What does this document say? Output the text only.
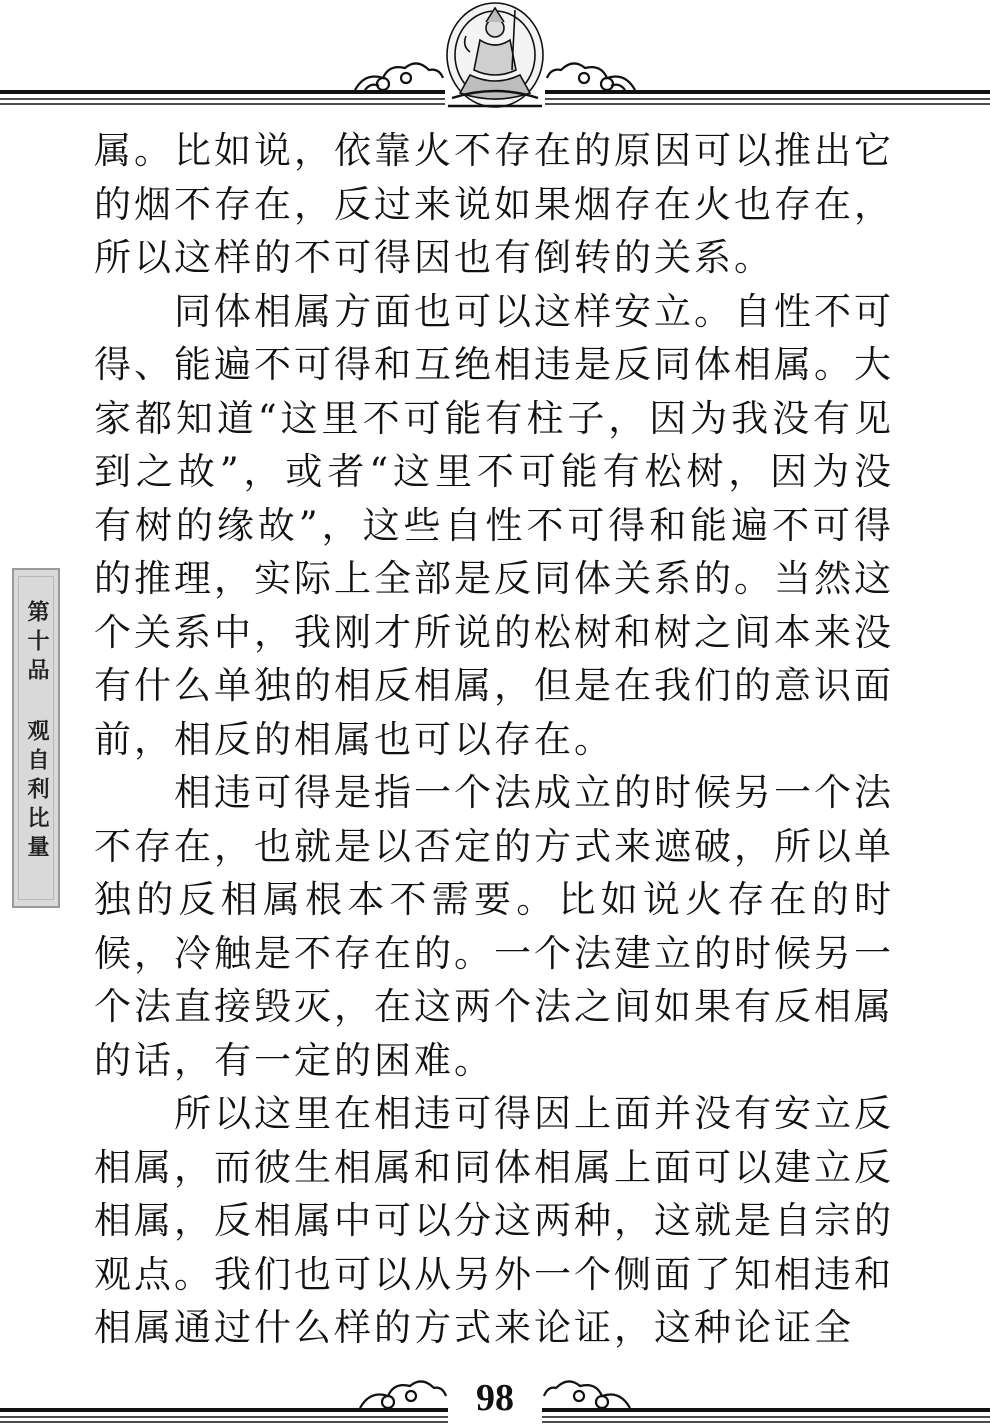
第十品 观自利比量

属。比如说，依靠火不存在的原因可以推出它的烟不存在，反过来说如果烟存在火也存在，所以这样的不可得因也有倒转的关系。

同体相属方面也可以这样安立。自性不可得、能遍不可得和互绝相违是反同体相属。大家都知道“这里不可能有柱子，因为我没有见到之故”，或者“这里不可能有松树，因为没有树的缘故”，这些自性不可得和能遍不可得的推理，实际上全部是反同体关系的。当然这个关系中，我刚才所说的松树和树之间本来没有什么单独的相反相属，但是在我们的意识面前，相反的相属也可以存在。

相违可得是指一个法成立的时候另一个法不存在，也就是以否定的方式来遮破，所以单独的反相属根本不需要。比如说火存在的时候，冷触是不存在的。一个法建立的时候另一个法直接毁灭，在这两个法之间如果有反相属的话，有一定的困难。

所以这里在相违可得因上面并没有安立反相属，而彼生相属和同体相属上面可以建立反相属，反相属中可以分这两种，这就是自宗的观点。我们也可以从另外一个侧面了知相违和相属通过什么样的方式来论证，这种论证全

98
